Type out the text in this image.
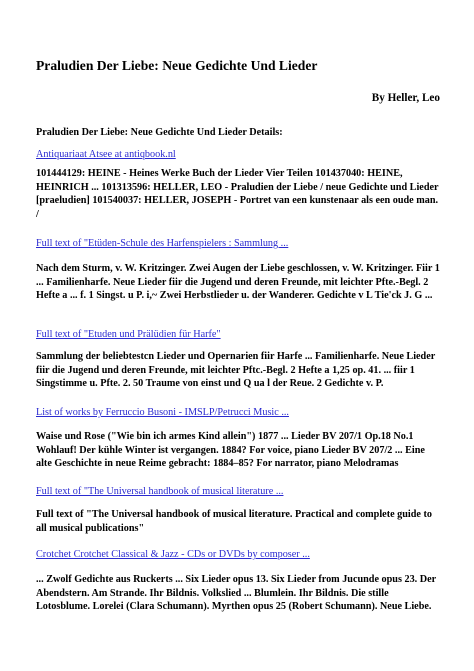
Praludien Der Liebe: Neue Gedichte Und Lieder
By Heller, Leo
Praludien Der Liebe: Neue Gedichte Und Lieder Details:
Antiquariaat Atsee at antiqbook.nl
101444129: HEINE - Heines Werke Buch der Lieder Vier Teilen 101437040: HEINE, HEINRICH ... 101313596: HELLER, LEO - Praludien der Liebe / neue Gedichte und Lieder [praeludien] 101540037: HELLER, JOSEPH - Portret van een kunstenaar als een oude man. /
Full text of "Etüden-Schule des Harfenspielers : Sammlung ...
Nach dem Sturm, v. W. Kritzinger. Zwei Augen der Liebe geschlossen, v. W. Kritzinger. Fiir 1 ... Familienharfe. Neue Lieder fiir die Jugend und deren Freunde, mit leichter Pfte.-Begl. 2 Hefte a ... f. 1 Singst. u P. i,~ Zwei Herbstlieder u. der Wanderer. Gedichte v L Tie'ck J. G ...
Full text of "Etuden und Prälüdien für Harfe"
Sammlung der beliebtestcn Lieder und Opernarien fiir Harfe ... Familienharfe. Neue Lieder fiir die Jugend und deren Freunde, mit leichter Pftc.-Begl. 2 Hefte a 1,25 op. 41. ... fiir 1 Singstimme u. Pfte. 2. 50 Traume von einst und Q ua l der Reue. 2 Gedichte v. P.
List of works by Ferruccio Busoni - IMSLP/Petrucci Music ...
Waise und Rose ("Wie bin ich armes Kind allein") 1877 ... Lieder BV 207/1 Op.18 No.1 Wohlauf! Der kühle Winter ist vergangen. 1884? For voice, piano Lieder BV 207/2 ... Eine alte Geschichte in neue Reime gebracht: 1884–85? For narrator, piano Melodramas
Full text of "The Universal handbook of musical literature ...
Full text of "The Universal handbook of musical literature. Practical and complete guide to all musical publications"
Crotchet Crotchet Classical & Jazz - CDs or DVDs by composer ...
... Zwolf Gedichte aus Ruckerts ... Six Lieder opus 13. Six Lieder from Jucunde opus 23. Der Abendstern. Am Strande. Ihr Bildnis. Volkslied ... Blumlein. Ihr Bildnis. Die stille Lotosblume. Lorelei (Clara Schumann). Myrthen opus 25 (Robert Schumann). Neue Liebe.
